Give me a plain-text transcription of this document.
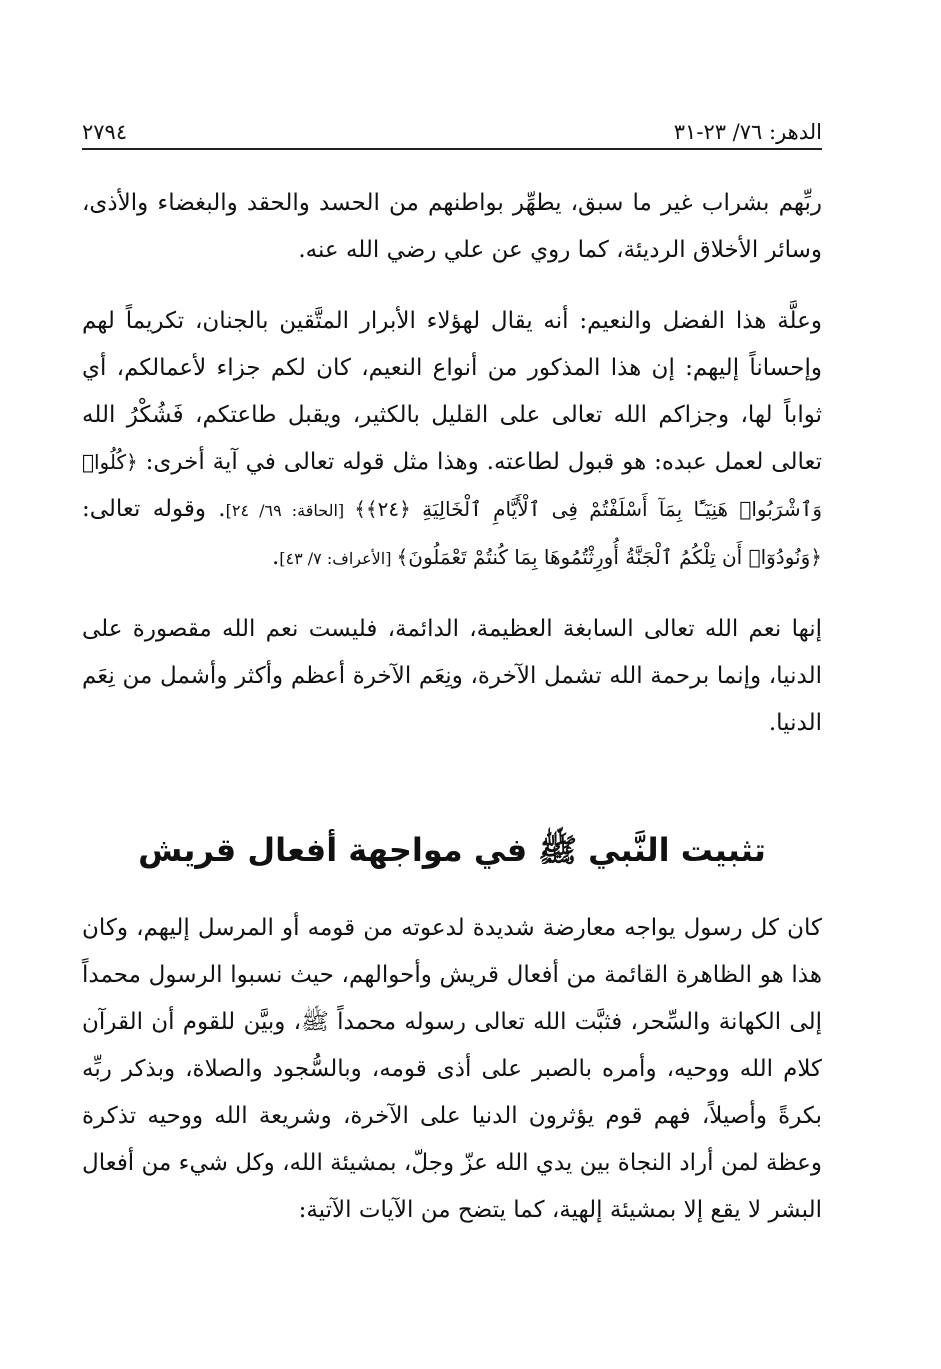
الدهر: ٧٦/ ٢٣-٣١
٢٧٩٤

ربِّهم بشراب غير ما سبق، يطهِّر بواطنهم من الحسد والحقد والبغضاء والأذى، وسائر الأخلاق الرديئة، كما روي عن علي رضي الله عنه.

وعلَّة هذا الفضل والنعيم: أنه يقال لهؤلاء الأبرار المتَّقين بالجنان، تكريماً لهم وإحساناً إليهم: إن هذا المذكور من أنواع النعيم، كان لكم جزاء لأعمالكم، أي ثواباً لها، وجزاكم الله تعالى على القليل بالكثير، ويقبل طاعتكم، فَشُكْرُ الله تعالى لعمل عبده: هو قبول لطاعته. وهذا مثل قوله تعالى في آية أخرى: ﴿كُلُوا۟ وَٱشْرَبُوا۟ هَنِيٓـًٔا بِمَآ أَسْلَفْتُمْ فِى ٱلْأَيَّامِ ٱلْخَالِيَةِ ﴿٢٤﴾﴾ [الحاقة: ٦٩/ ٢٤]. وقوله تعالى: ﴿وَنُودُوٓا۟ أَن تِلْكُمُ ٱلْجَنَّةُ أُورِثْتُمُوهَا بِمَا كُنتُمْ تَعْمَلُونَ﴾ [الأعراف: ٧/ ٤٣].

إنها نعم الله تعالى السابغة العظيمة، الدائمة، فليست نعم الله مقصورة على الدنيا، وإنما برحمة الله تشمل الآخرة، ونِعَم الآخرة أعظم وأكثر وأشمل من نِعَم الدنيا.

تثبيت النَّبي ﷺ في مواجهة أفعال قريش

كان كل رسول يواجه معارضة شديدة لدعوته من قومه أو المرسل إليهم، وكان هذا هو الظاهرة القائمة من أفعال قريش وأحوالهم، حيث نسبوا الرسول محمداً إلى الكهانة والسِّحر، فثبَّت الله تعالى رسوله محمداً ﷺ، وبيَّن للقوم أن القرآن كلام الله ووحيه، وأمره بالصبر على أذى قومه، وبالسُّجود والصلاة، وبذكر ربِّه بكرةً وأصيلاً، فهم قوم يؤثرون الدنيا على الآخرة، وشريعة الله ووحيه تذكرة وعظة لمن أراد النجاة بين يدي الله عزّ وجلّ، بمشيئة الله، وكل شيء من أفعال البشر لا يقع إلا بمشيئة إلهية، كما يتضح من الآيات الآتية:
